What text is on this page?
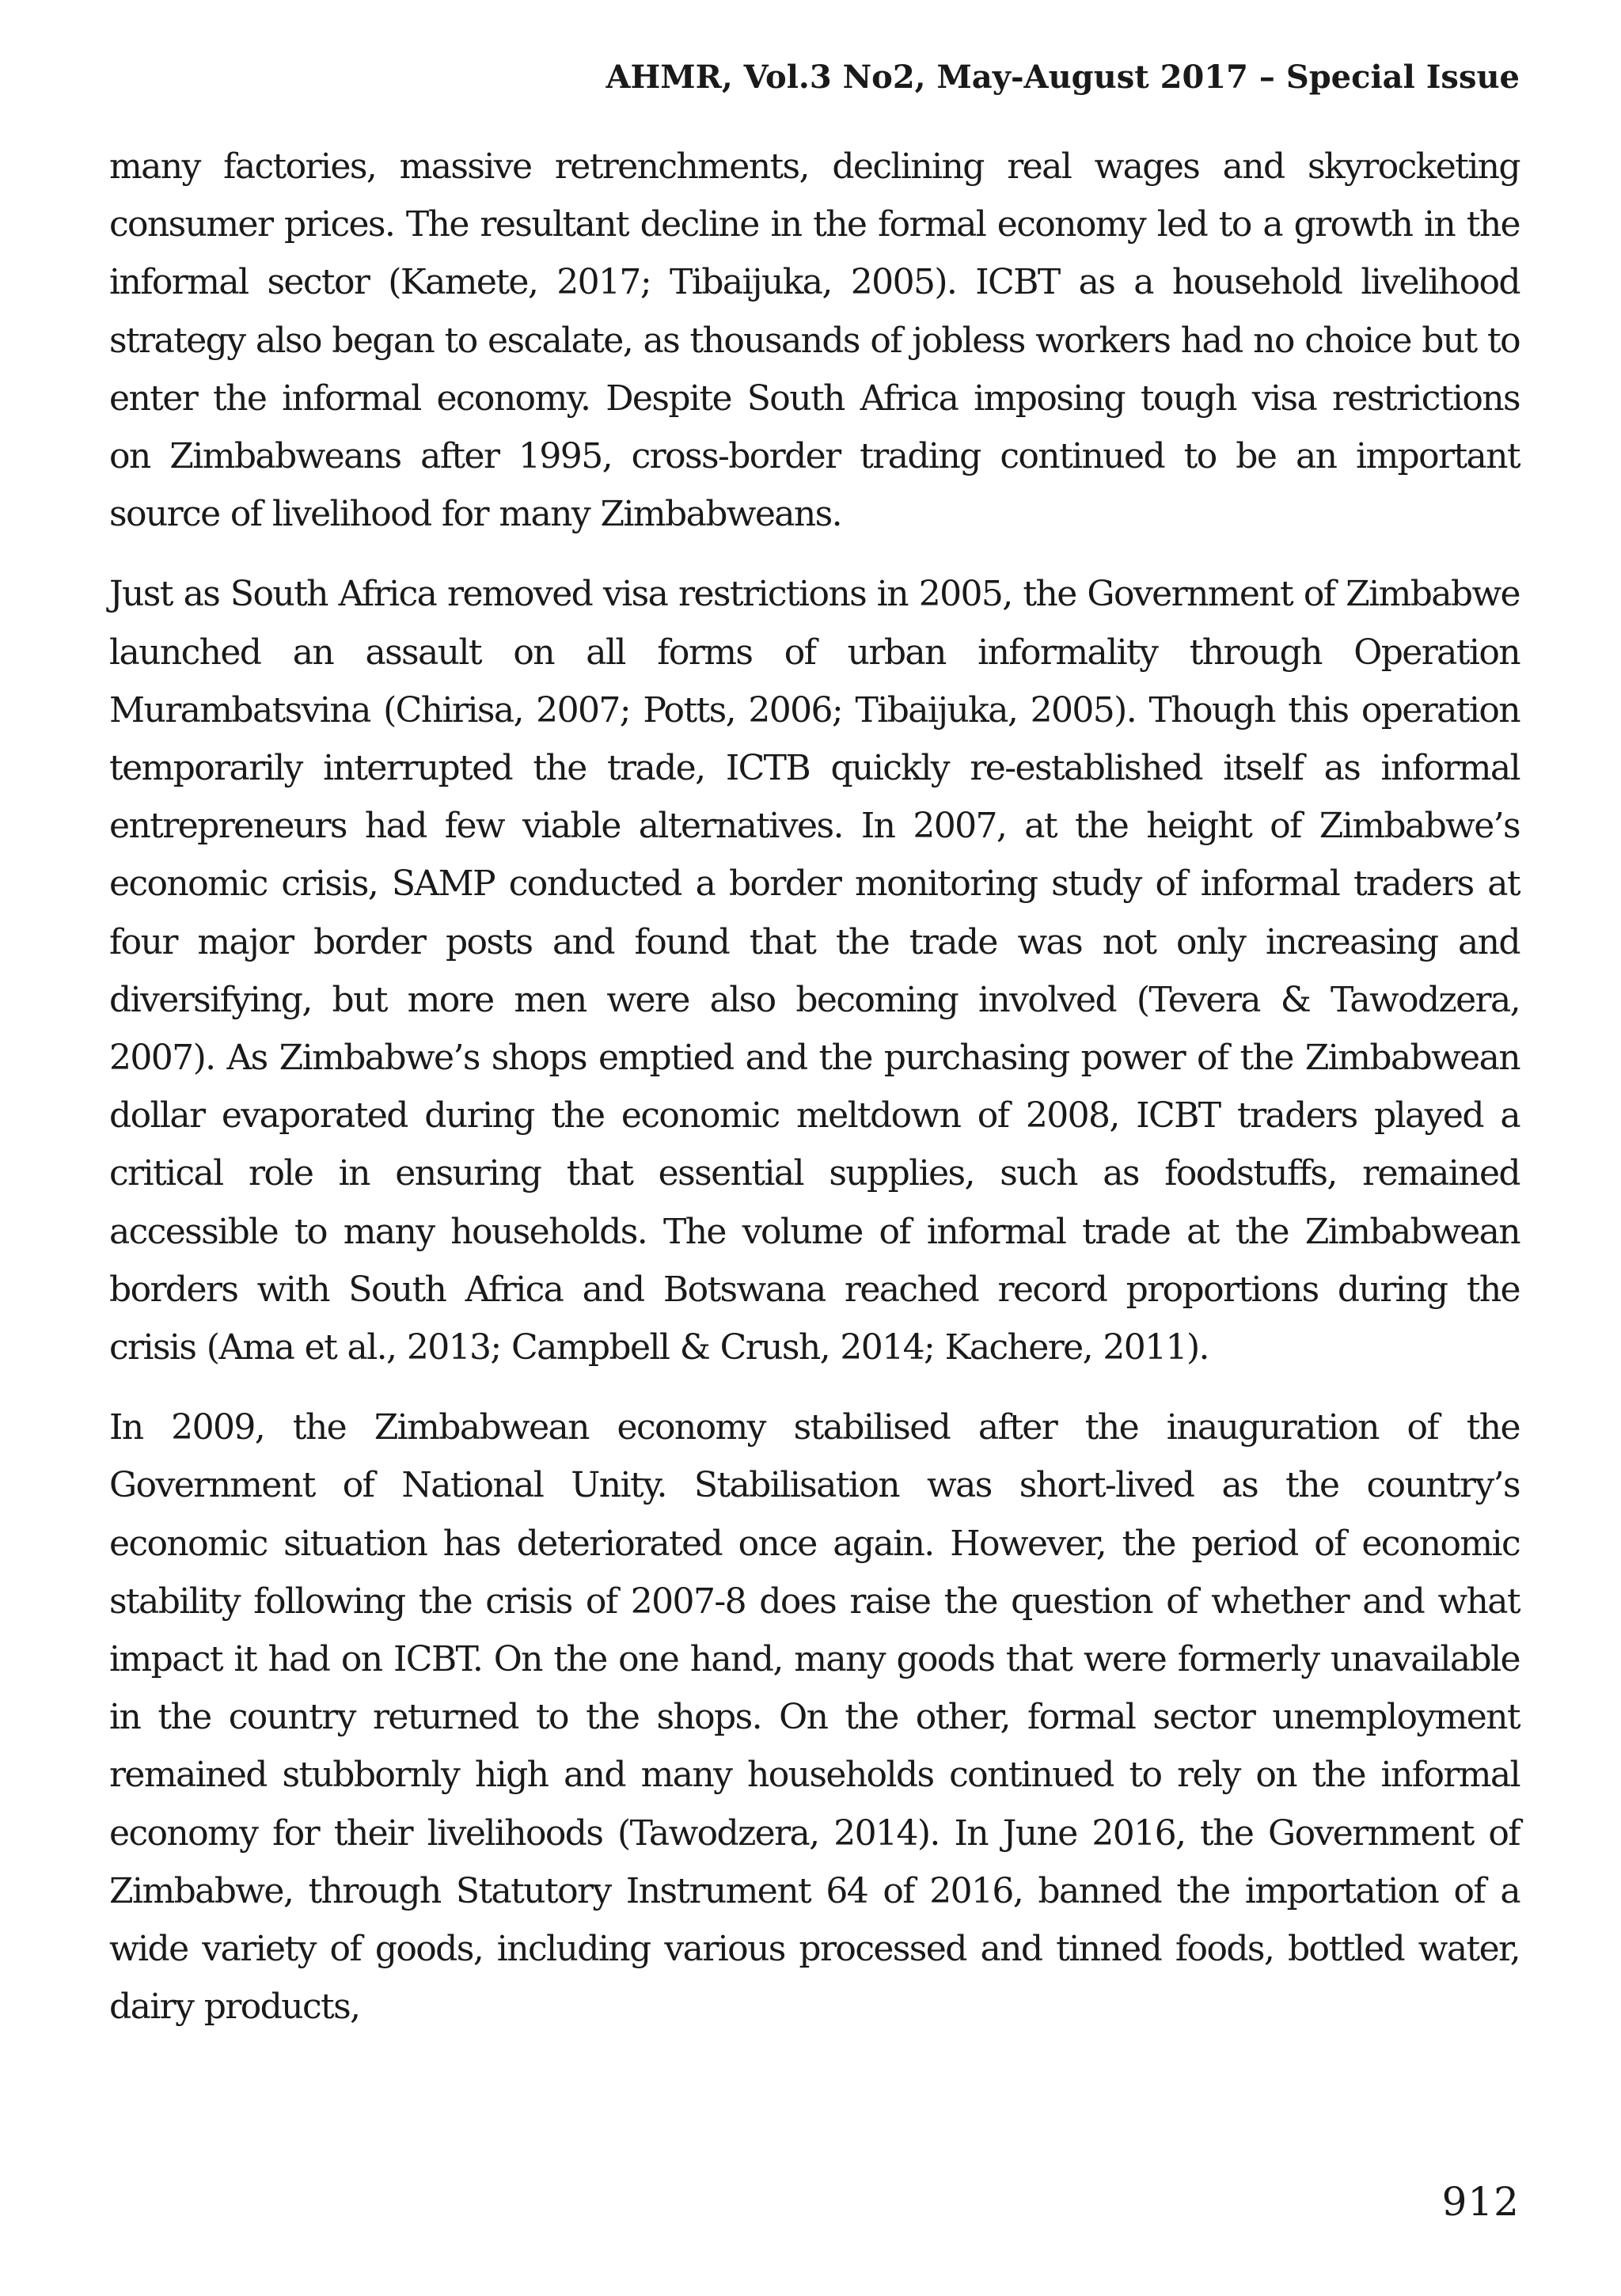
AHMR, Vol.3 No2, May-August 2017 – Special Issue

many factories, massive retrenchments, declining real wages and skyrocketing consumer prices. The resultant decline in the formal economy led to a growth in the informal sector (Kamete, 2017; Tibaijuka, 2005). ICBT as a household livelihood strategy also began to escalate, as thousands of jobless workers had no choice but to enter the informal economy. Despite South Africa imposing tough visa restrictions on Zimbabweans after 1995, cross-border trading continued to be an important source of livelihood for many Zimbabweans.

Just as South Africa removed visa restrictions in 2005, the Government of Zimbabwe launched an assault on all forms of urban informality through Operation Murambatsvina (Chirisa, 2007; Potts, 2006; Tibaijuka, 2005). Though this operation temporarily interrupted the trade, ICTB quickly re-established itself as informal entrepreneurs had few viable alternatives. In 2007, at the height of Zimbabwe’s economic crisis, SAMP conducted a border monitoring study of informal traders at four major border posts and found that the trade was not only increasing and diversifying, but more men were also becoming involved (Tevera & Tawodzera, 2007). As Zimbabwe’s shops emptied and the purchasing power of the Zimbabwean dollar evaporated during the economic meltdown of 2008, ICBT traders played a critical role in ensuring that essential supplies, such as foodstuffs, remained accessible to many households. The volume of informal trade at the Zimbabwean borders with South Africa and Botswana reached record proportions during the crisis (Ama et al., 2013; Campbell & Crush, 2014; Kachere, 2011).

In 2009, the Zimbabwean economy stabilised after the inauguration of the Government of National Unity. Stabilisation was short-lived as the country’s economic situation has deteriorated once again. However, the period of economic stability following the crisis of 2007-8 does raise the question of whether and what impact it had on ICBT. On the one hand, many goods that were formerly unavailable in the country returned to the shops. On the other, formal sector unemployment remained stubbornly high and many households continued to rely on the informal economy for their livelihoods (Tawodzera, 2014). In June 2016, the Government of Zimbabwe, through Statutory Instrument 64 of 2016, banned the importation of a wide variety of goods, including various processed and tinned foods, bottled water, dairy products,

912
